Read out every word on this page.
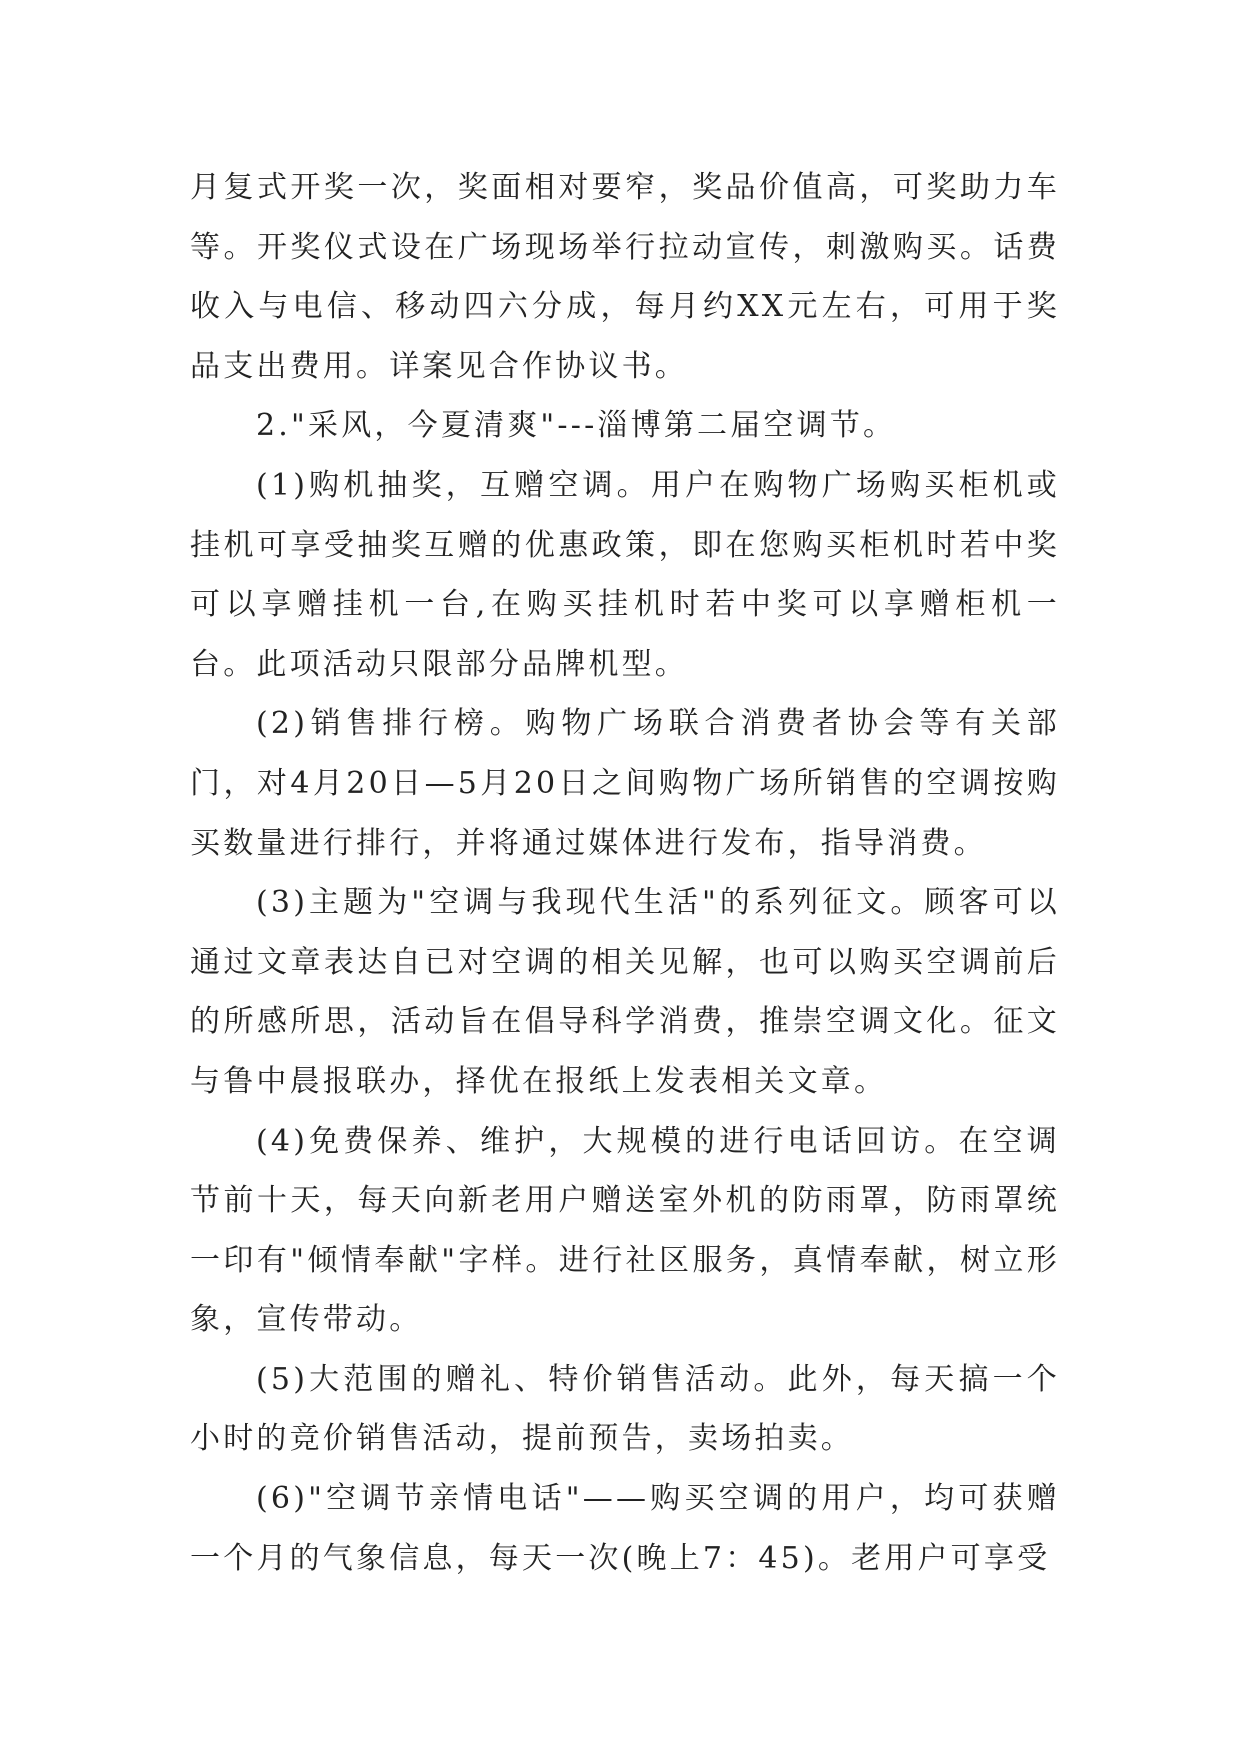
月复式开奖一次，奖面相对要窄，奖品价值高，可奖助力车等。开奖仪式设在广场现场举行拉动宣传，刺激购买。话费收入与电信、移动四六分成，每月约XX元左右，可用于奖品支出费用。详案见合作协议书。

2."采风，今夏清爽"---淄博第二届空调节。

(1)购机抽奖，互赠空调。用户在购物广场购买柜机或挂机可享受抽奖互赠的优惠政策，即在您购买柜机时若中奖可以享赠挂机一台,在购买挂机时若中奖可以享赠柜机一台。此项活动只限部分品牌机型。

(2)销售排行榜。购物广场联合消费者协会等有关部门，对4月20日—5月20日之间购物广场所销售的空调按购买数量进行排行，并将通过媒体进行发布，指导消费。

(3)主题为"空调与我现代生活"的系列征文。顾客可以通过文章表达自已对空调的相关见解，也可以购买空调前后的所感所思，活动旨在倡导科学消费，推崇空调文化。征文与鲁中晨报联办，择优在报纸上发表相关文章。

(4)免费保养、维护，大规模的进行电话回访。在空调节前十天，每天向新老用户赠送室外机的防雨罩，防雨罩统一印有"倾情奉献"字样。进行社区服务，真情奉献，树立形象，宣传带动。

(5)大范围的赠礼、特价销售活动。此外，每天搞一个小时的竞价销售活动，提前预告，卖场拍卖。

(6)"空调节亲情电话"——购买空调的用户，均可获赠一个月的气象信息，每天一次(晚上7：45)。老用户可享受
